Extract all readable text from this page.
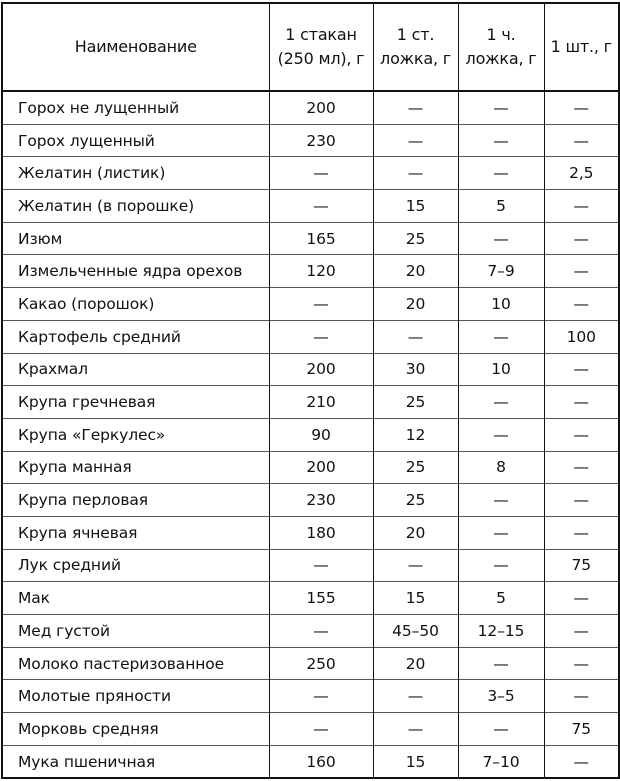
Наименование	1 стакан (250 мл), г	1 ст. ложка, г	1 ч. ложка, г	1 шт., г
Горох не лущенный	200	—	—	—
Горох лущенный	230	—	—	—
Желатин (листик)	—	—	—	2,5
Желатин (в порошке)	—	15	5	—
Изюм	165	25	—	—
Измельченные ядра орехов	120	20	7–9	—
Какао (порошок)	—	20	10	—
Картофель средний	—	—	—	100
Крахмал	200	30	10	—
Крупа гречневая	210	25	—	—
Крупа «Геркулес»	90	12	—	—
Крупа манная	200	25	8	—
Крупа перловая	230	25	—	—
Крупа ячневая	180	20	—	—
Лук средний	—	—	—	75
Мак	155	15	5	—
Мед густой	—	45–50	12–15	—
Молоко пастеризованное	250	20	—	—
Молотые пряности	—	—	3–5	—
Морковь средняя	—	—	—	75
Мука пшеничная	160	15	7–10	—
